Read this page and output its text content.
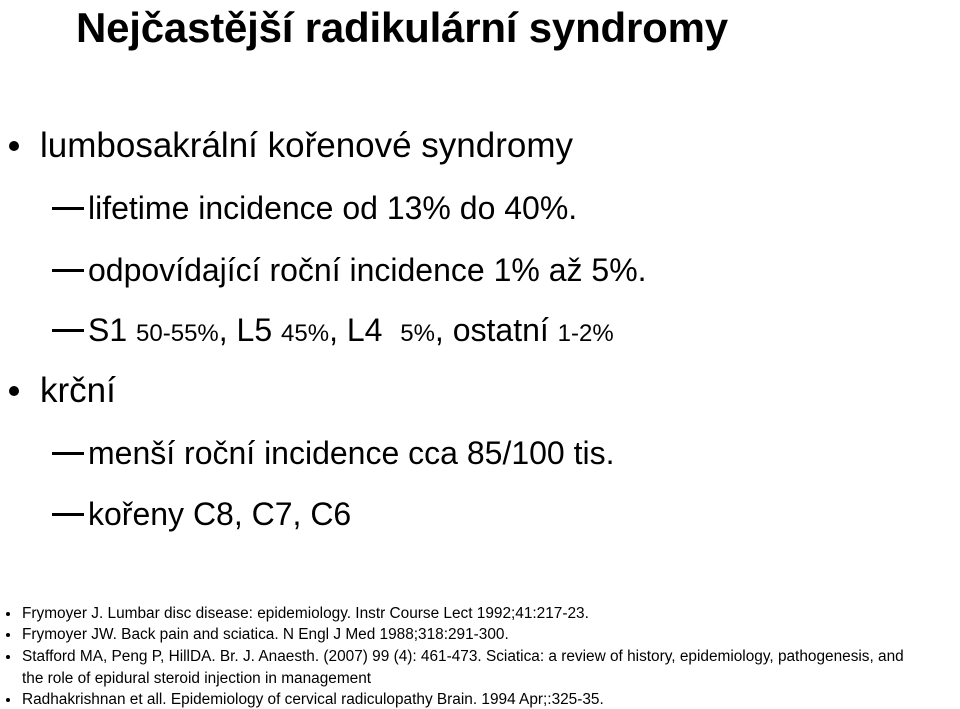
Nejčastější radikulární syndromy
lumbosakrální kořenové syndromy
lifetime incidence od 13% do 40%.
odpovídající roční incidence 1% až 5%.
S1 50-55%, L5 45%, L4 5%, ostatní 1-2%
krční
menší roční incidence cca 85/100 tis.
kořeny C8, C7, C6
Frymoyer J. Lumbar disc disease: epidemiology. Instr Course Lect 1992;41:217-23.
Frymoyer JW. Back pain and sciatica. N Engl J Med 1988;318:291-300.
Stafford MA, Peng P, HillDA. Br. J. Anaesth. (2007) 99 (4): 461-473. Sciatica: a review of history, epidemiology, pathogenesis, and
the role of epidural steroid injection in management
Radhakrishnan et all. Epidemiology of cervical radiculopathy Brain. 1994 Apr;:325-35.
